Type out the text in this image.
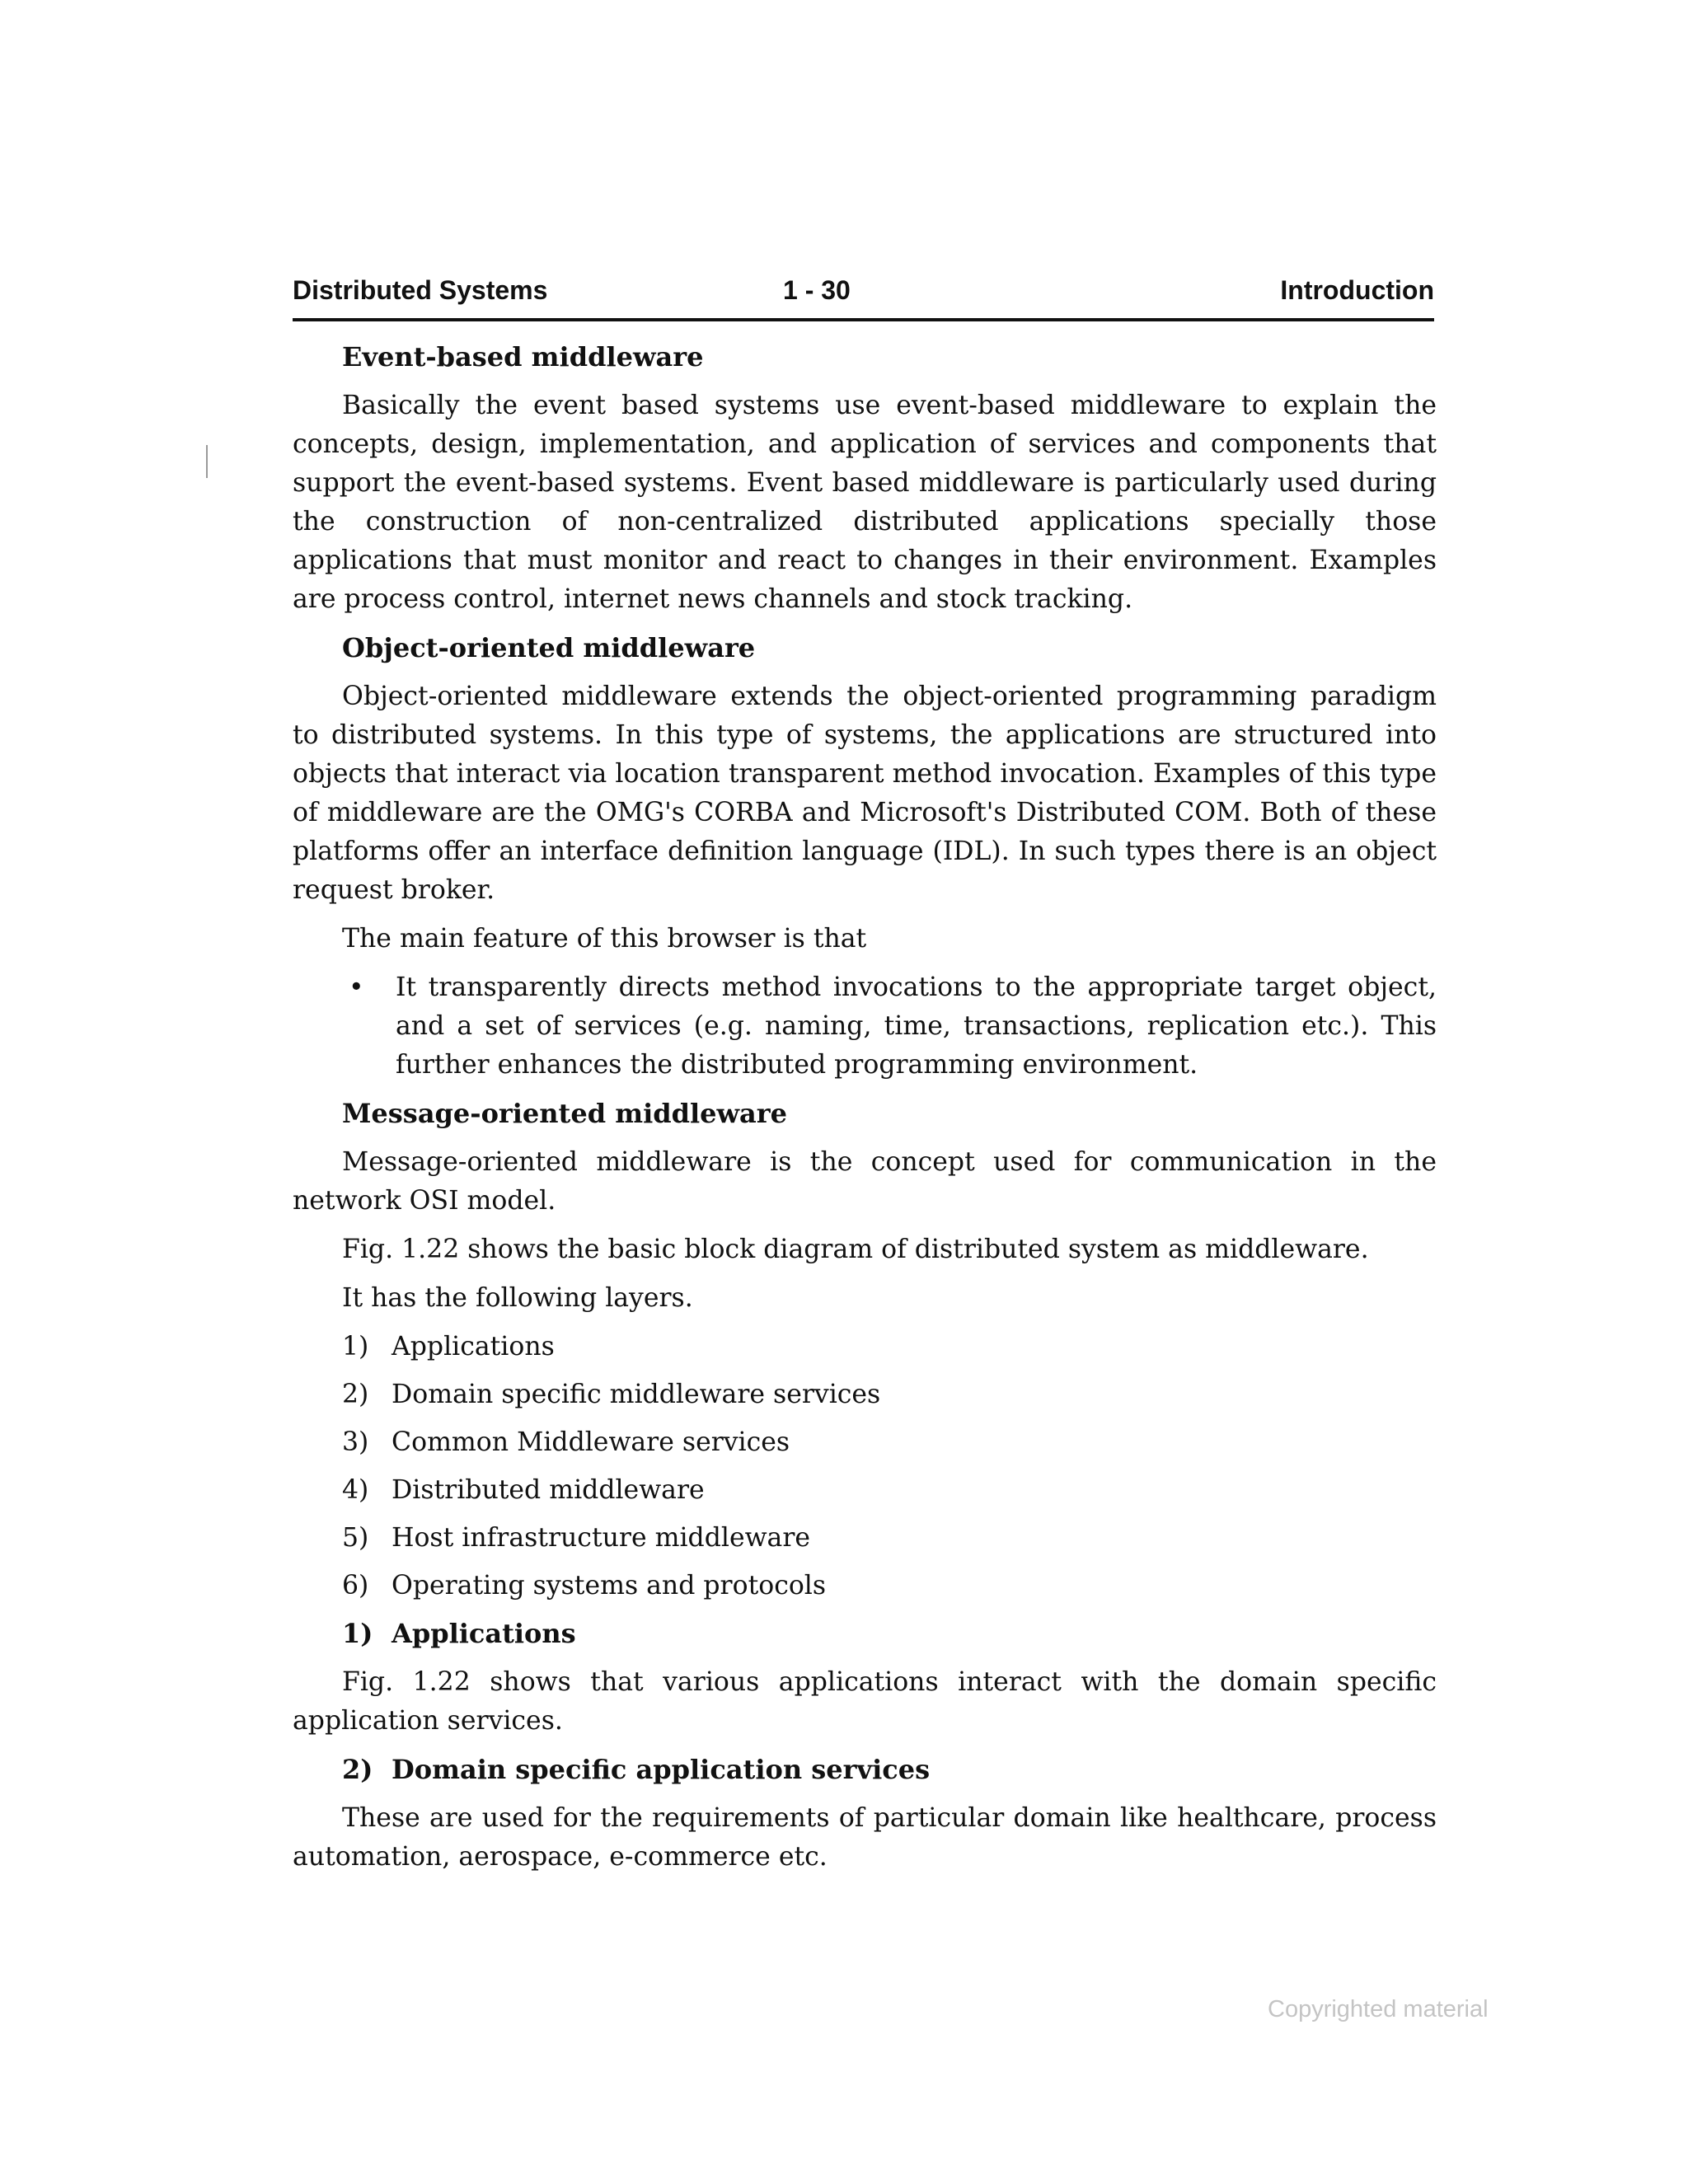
Distributed Systems	1 - 30	Introduction
Event-based middleware

Basically the event based systems use event-based middleware to explain the concepts, design, implementation, and application of services and components that support the event-based systems. Event based middleware is particularly used during the construction of non-centralized distributed applications specially those applications that must monitor and react to changes in their environment. Examples are process control, internet news channels and stock tracking.

Object-oriented middleware

Object-oriented middleware extends the object-oriented programming paradigm to distributed systems. In this type of systems, the applications are structured into objects that interact via location transparent method invocation. Examples of this type of middleware are the OMG's CORBA and Microsoft's Distributed COM. Both of these platforms offer an interface definition language (IDL). In such types there is an object request broker.

The main feature of this browser is that

• It transparently directs method invocations to the appropriate target object, and a set of services (e.g. naming, time, transactions, replication etc.). This further enhances the distributed programming environment.
Message-oriented middleware

Message-oriented middleware is the concept used for communication in the network OSI model.

Fig. 1.22 shows the basic block diagram of distributed system as middleware.

It has the following layers.

1) Applications
2) Domain specific middleware services
3) Common Middleware services
4) Distributed middleware
5) Host infrastructure middleware
6) Operating systems and protocols
1) Applications

Fig. 1.22 shows that various applications interact with the domain specific application services.

2) Domain specific application services

These are used for the requirements of particular domain like healthcare, process automation, aerospace, e-commerce etc.

Copyrighted material
